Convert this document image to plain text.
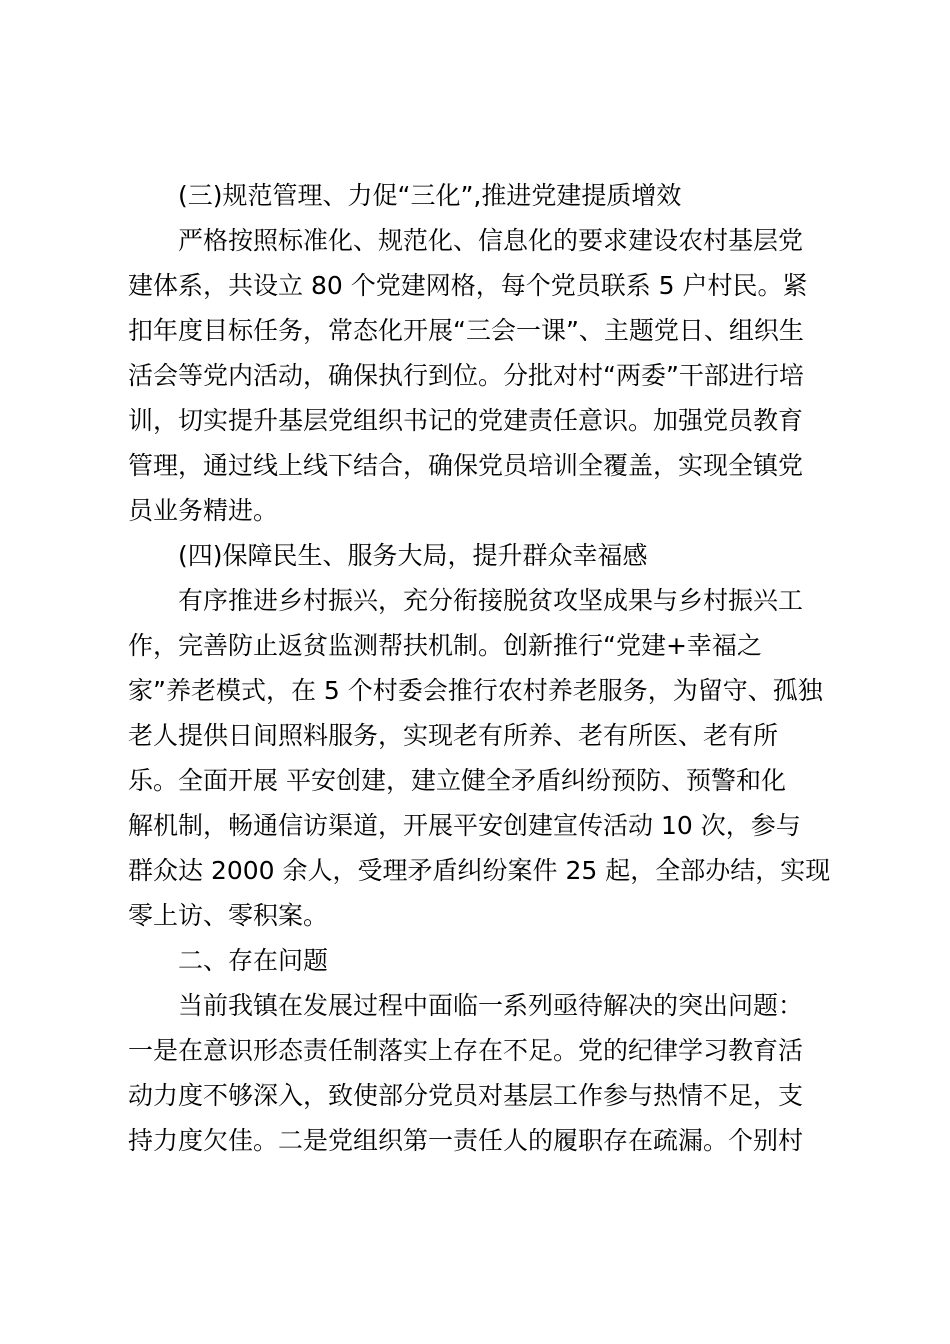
(三)规范管理、力促“三化”,推进党建提质增效
严格按照标准化、规范化、信息化的要求建设农村基层党
建体系，共设立 80 个党建网格，每个党员联系 5 户村民。紧
扣年度目标任务，常态化开展“三会一课”、主题党日、组织生
活会等党内活动，确保执行到位。分批对村“两委”干部进行培
训，切实提升基层党组织书记的党建责任意识。加强党员教育
管理，通过线上线下结合，确保党员培训全覆盖，实现全镇党
员业务精进。
(四)保障民生、服务大局，提升群众幸福感
有序推进乡村振兴，充分衔接脱贫攻坚成果与乡村振兴工
作，完善防止返贫监测帮扶机制。创新推行“党建+幸福之
家”养老模式，在 5 个村委会推行农村养老服务，为留守、孤独
老人提供日间照料服务，实现老有所养、老有所医、老有所
乐。全面开展 平安创建，建立健全矛盾纠纷预防、预警和化
解机制，畅通信访渠道，开展平安创建宣传活动 10 次，参与
群众达 2000 余人，受理矛盾纠纷案件 25 起，全部办结，实现
零上访、零积案。
二、存在问题
当前我镇在发展过程中面临一系列亟待解决的突出问题：
一是在意识形态责任制落实上存在不足。党的纪律学习教育活
动力度不够深入，致使部分党员对基层工作参与热情不足，支
持力度欠佳。二是党组织第一责任人的履职存在疏漏。个别村
